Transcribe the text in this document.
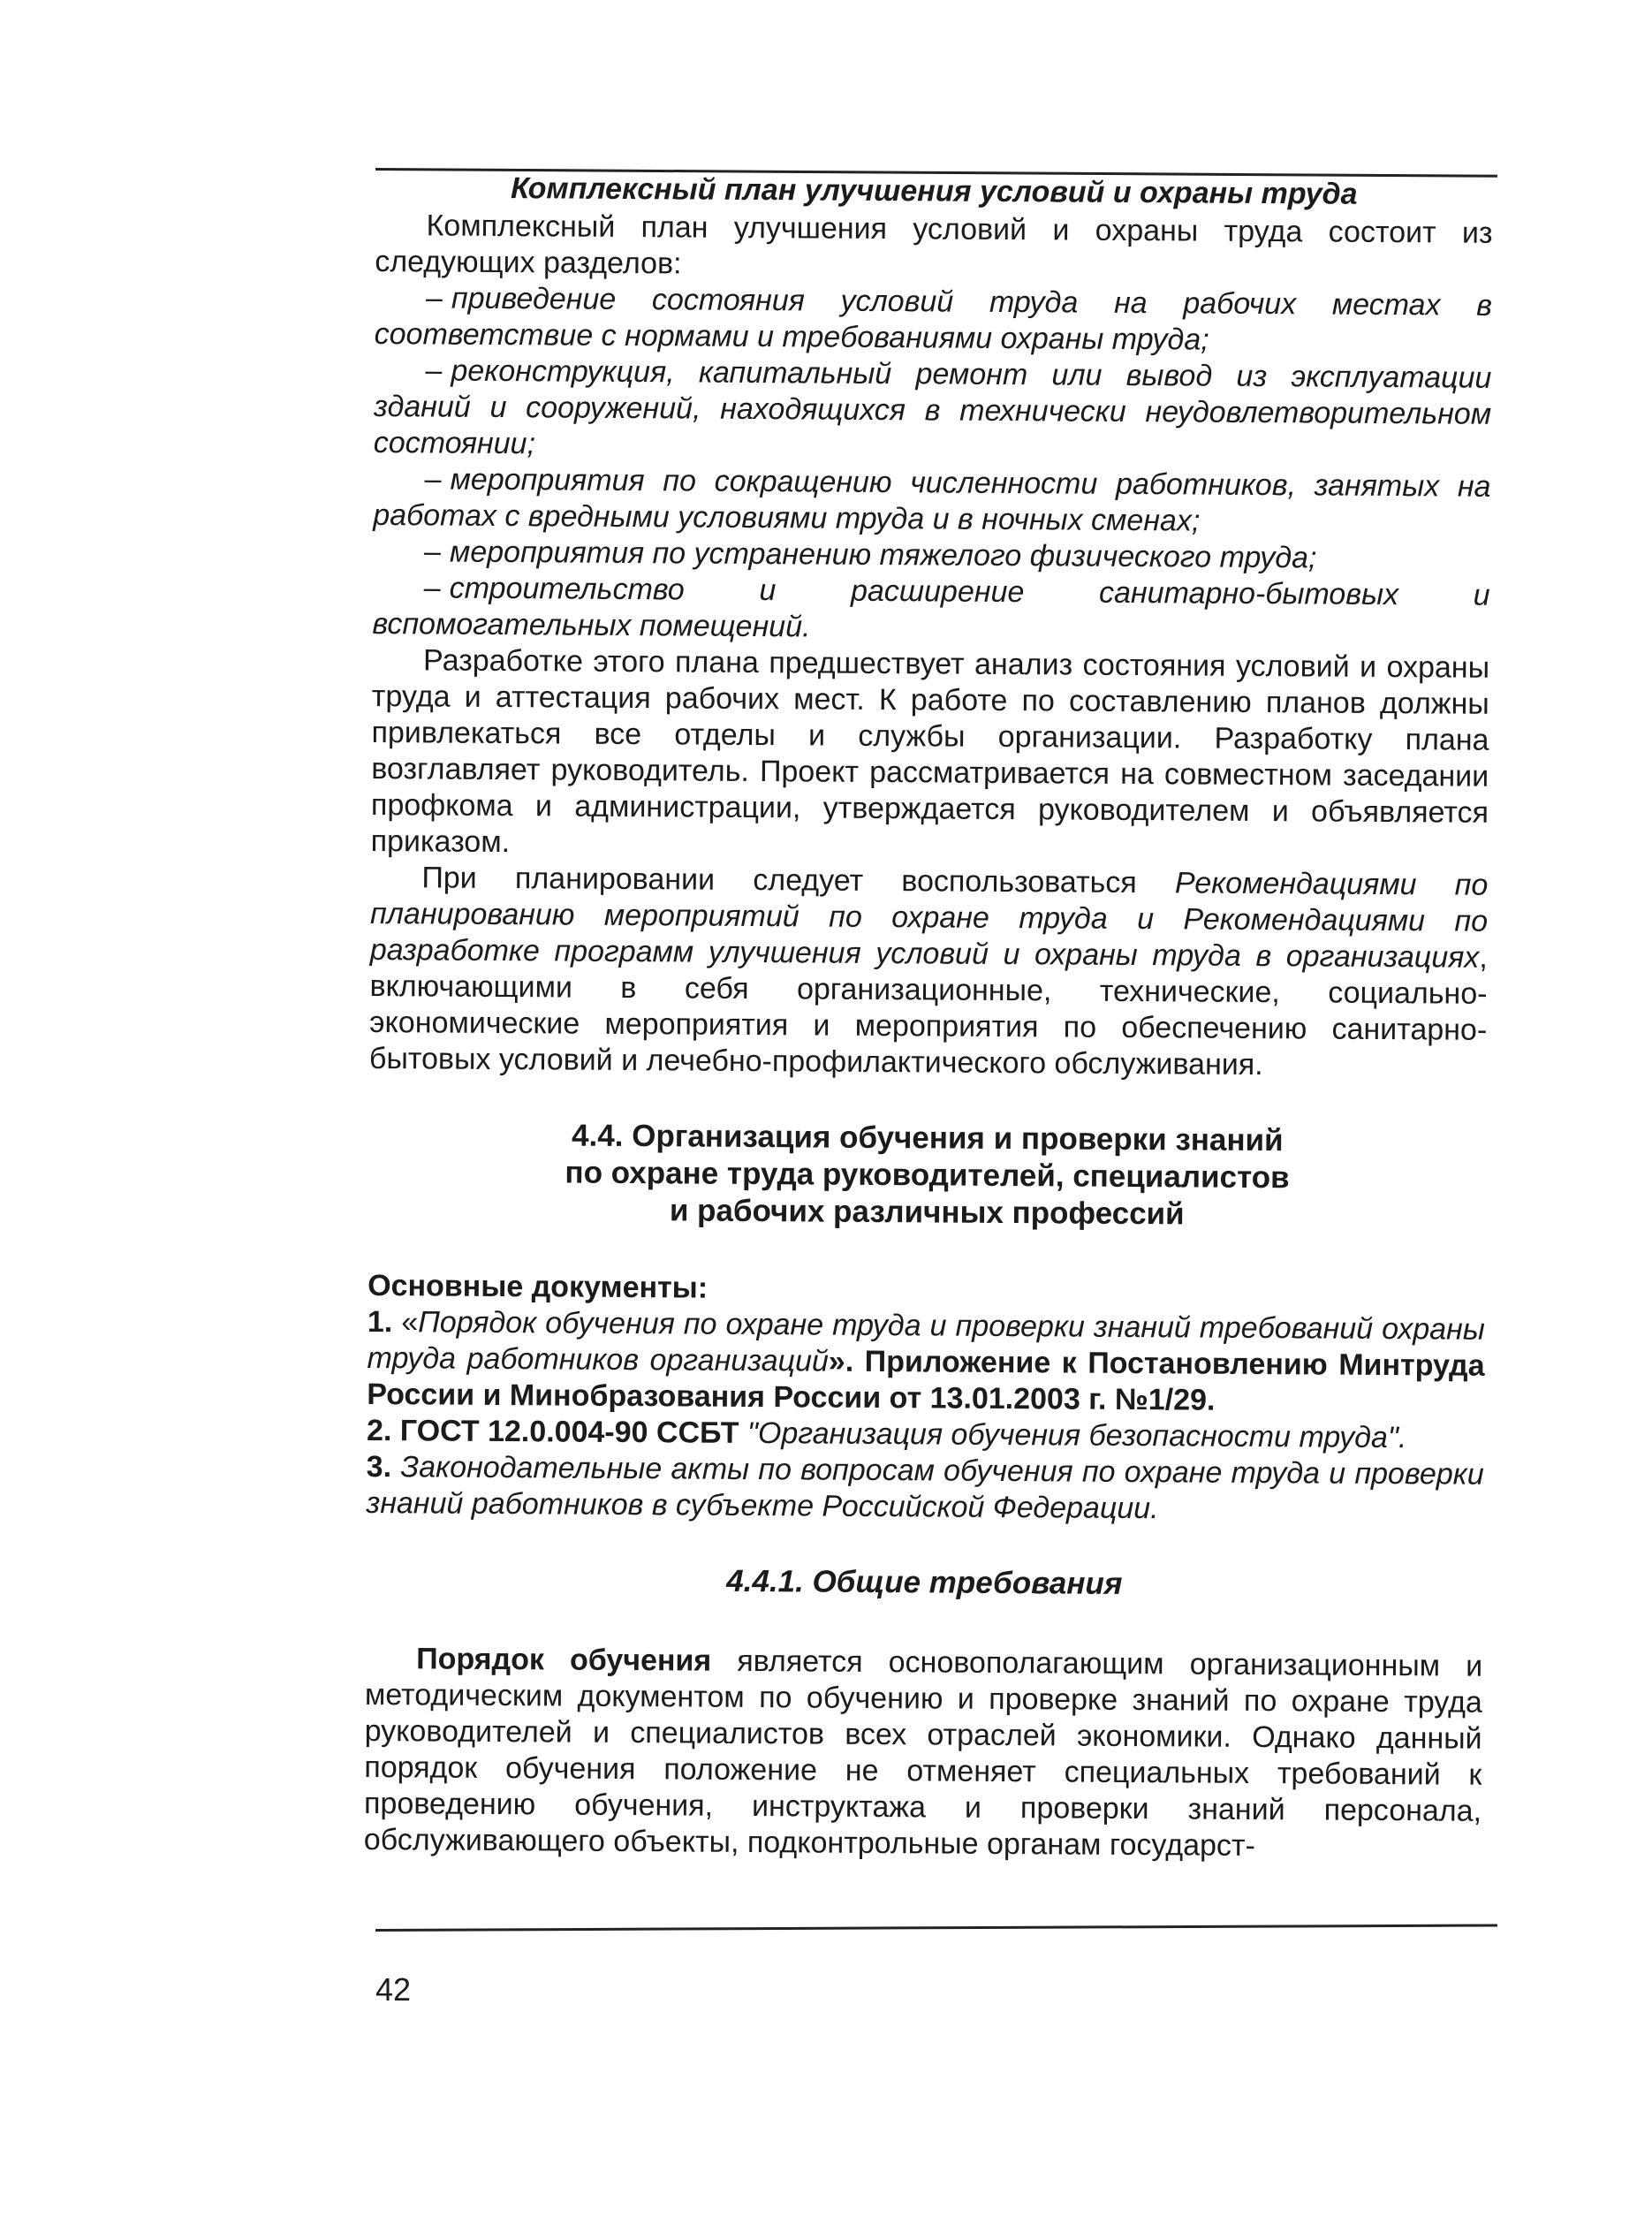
Комплексный план улучшения условий и охраны труда

Комплексный план улучшения условий и охраны труда состоит из следующих разделов:

– приведение состояния условий труда на рабочих местах в соответствие с нормами и требованиями охраны труда;
– реконструкция, капитальный ремонт или вывод из эксплуатации зданий и сооружений, находящихся в технически неудовлетворительном состоянии;
– мероприятия по сокращению численности работников, занятых на работах с вредными условиями труда и в ночных сменах;
– мероприятия по устранению тяжелого физического труда;
– строительство и расширение санитарно-бытовых и вспомогательных помещений.

Разработке этого плана предшествует анализ состояния условий и охраны труда и аттестация рабочих мест. К работе по составлению планов должны привлекаться все отделы и службы организации. Разработку плана возглавляет руководитель. Проект рассматривается на совместном заседании профкома и администрации, утверждается руководителем и объявляется приказом.

При планировании следует воспользоваться Рекомендациями по планированию мероприятий по охране труда и Рекомендациями по разработке программ улучшения условий и охраны труда в организациях, включающими в себя организационные, технические, социально-экономические мероприятия и мероприятия по обеспечению санитарно-бытовых условий и лечебно-профилактического обслуживания.

4.4. Организация обучения и проверки знаний
по охране труда руководителей, специалистов
и рабочих различных профессий

Основные документы:

1. «Порядок обучения по охране труда и проверки знаний требований охраны труда работников организаций». Приложение к Постановлению Минтруда России и Минобразования России от 13.01.2003 г. №1/29.

2. ГОСТ 12.0.004-90 ССБТ "Организация обучения безопасности труда".

3. Законодательные акты по вопросам обучения по охране труда и проверки знаний работников в субъекте Российской Федерации.

4.4.1. Общие требования

Порядок обучения является основополагающим организационным и методическим документом по обучению и проверке знаний по охране труда руководителей и специалистов всех отраслей экономики. Однако данный порядок обучения положение не отменяет специальных требований к проведению обучения, инструктажа и проверки знаний персонала, обслуживающего объекты, подконтрольные органам государст-

42
